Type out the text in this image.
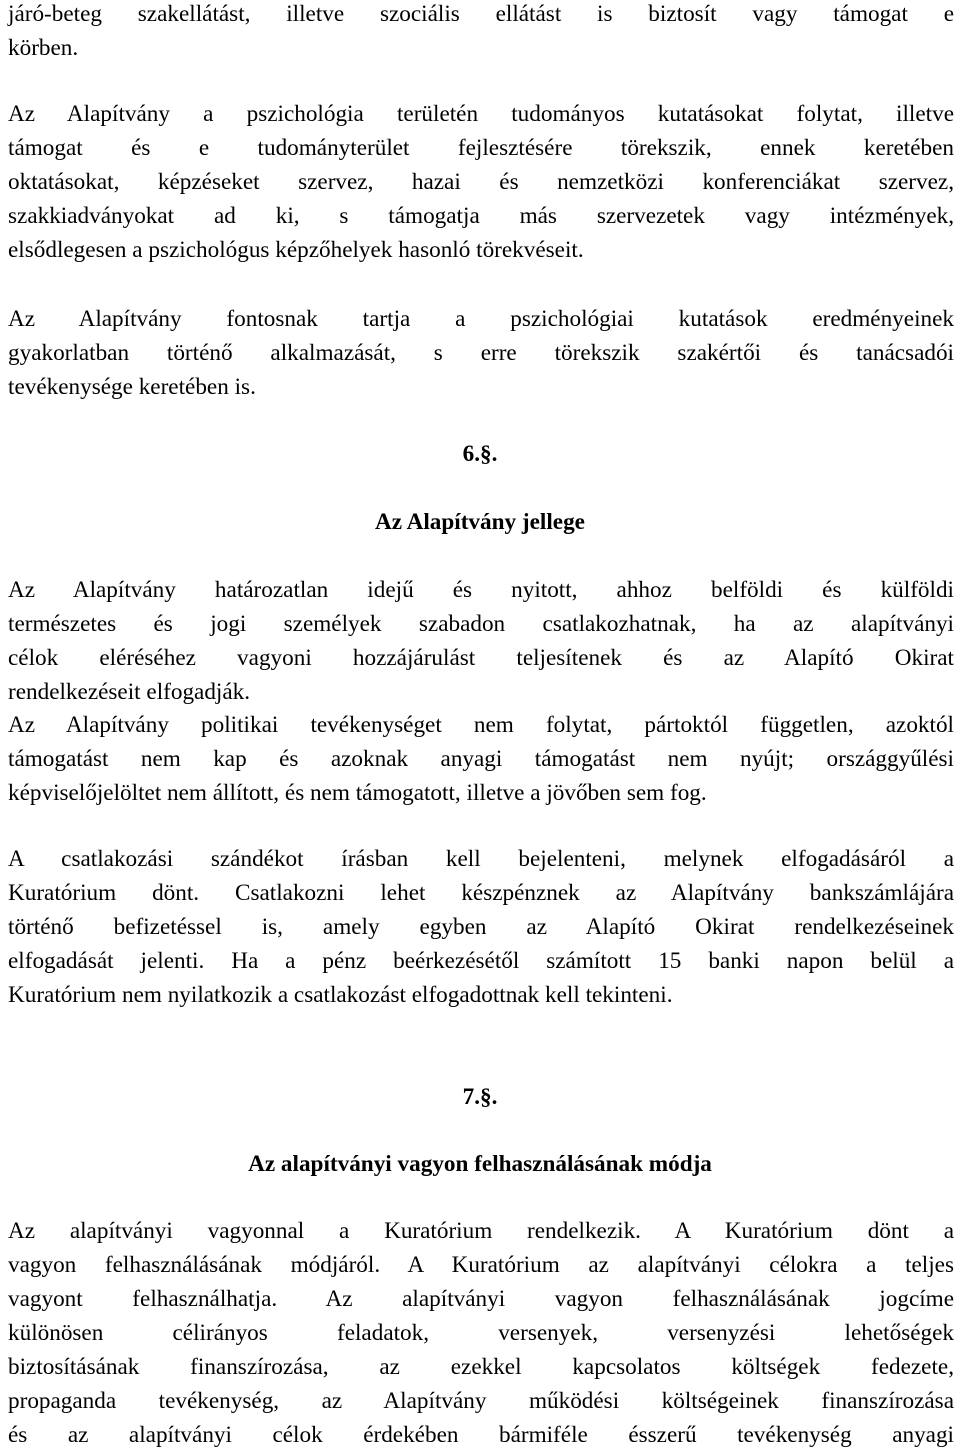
járó-beteg szakellátást, illetve szociális ellátást is biztosít vagy támogat e
körben.
Az Alapítvány a pszichológia területén tudományos kutatásokat folytat, illetve
támogat és e tudományterület fejlesztésére törekszik, ennek keretében
oktatásokat, képzéseket szervez, hazai és nemzetközi konferenciákat szervez,
szakkiadványokat ad ki, s támogatja más szervezetek vagy intézmények,
elsődlegesen a pszichológus képzőhelyek hasonló törekvéseit.
Az Alapítvány fontosnak tartja a pszichológiai kutatások eredményeinek
gyakorlatban történő alkalmazását, s erre törekszik szakértői és tanácsadói
tevékenysége keretében is.
6.§.
Az Alapítvány jellege
Az Alapítvány határozatlan idejű és nyitott, ahhoz belföldi és külföldi
természetes és jogi személyek szabadon csatlakozhatnak, ha az alapítványi
célok eléréséhez vagyoni hozzájárulást teljesítenek és az Alapító Okirat
rendelkezéseit elfogadják.
Az Alapítvány politikai tevékenységet nem folytat, pártoktól független, azoktól
támogatást nem kap és azoknak anyagi támogatást nem nyújt; országgyűlési
képviselőjelöltet nem állított, és nem támogatott, illetve a jövőben sem fog.
A csatlakozási szándékot írásban kell bejelenteni, melynek elfogadásáról a
Kuratórium dönt. Csatlakozni lehet készpénznek az Alapítvány bankszámlájára
történő befizetéssel is, amely egyben az Alapító Okirat rendelkezéseinek
elfogadását jelenti. Ha a pénz beérkezésétől számított 15 banki napon belül a
Kuratórium nem nyilatkozik a csatlakozást elfogadottnak kell tekinteni.
7.§.
Az alapítványi vagyon felhasználásának módja
Az alapítványi vagyonnal a Kuratórium rendelkezik. A Kuratórium dönt a
vagyon felhasználásának módjáról. A Kuratórium az alapítványi célokra a teljes
vagyont felhasználhatja. Az alapítványi vagyon felhasználásának jogcíme
különösen célirányos feladatok, versenyek, versenyzési lehetőségek
biztosításának finanszírozása, az ezekkel kapcsolatos költségek fedezete,
propaganda tevékenység, az Alapítvány működési költségeinek finanszírozása
és az alapítványi célok érdekében bármiféle ésszerű tevékenység anyagi
